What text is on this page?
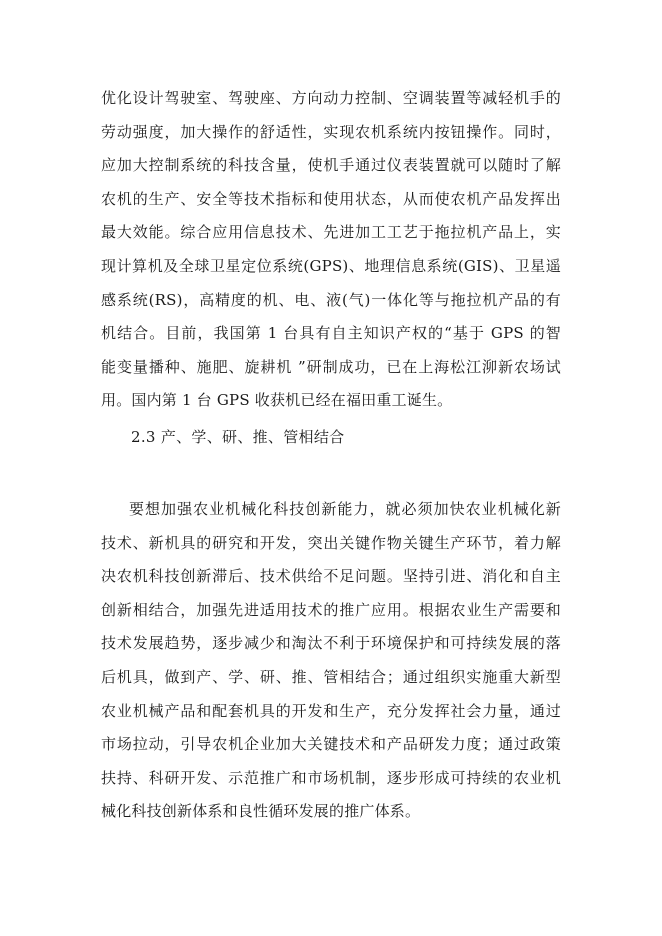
优化设计驾驶室、驾驶座、方向动力控制、空调装置等减轻机手的
劳动强度，加大操作的舒适性，实现农机系统内按钮操作。同时，
应加大控制系统的科技含量，使机手通过仪表装置就可以随时了解
农机的生产、安全等技术指标和使用状态，从而使农机产品发挥出
最大效能。综合应用信息技术、先进加工工艺于拖拉机产品上，实
现计算机及全球卫星定位系统(GPS)、地理信息系统(GIS)、卫星遥
感系统(RS)，高精度的机、电、液(气)一体化等与拖拉机产品的有
机结合。目前，我国第 1 台具有自主知识产权的“基于 GPS 的智
能变量播种、施肥、旋耕机 ”研制成功，已在上海松江泖新农场试
用。国内第 1 台 GPS 收获机已经在福田重工诞生。
2.3 产、学、研、推、管相结合
要想加强农业机械化科技创新能力，就必须加快农业机械化新
技术、新机具的研究和开发，突出关键作物关键生产环节，着力解
决农机科技创新滞后、技术供给不足问题。坚持引进、消化和自主
创新相结合，加强先进适用技术的推广应用。根据农业生产需要和
技术发展趋势，逐步减少和淘汰不利于环境保护和可持续发展的落
后机具，做到产、学、研、推、管相结合；通过组织实施重大新型
农业机械产品和配套机具的开发和生产，充分发挥社会力量，通过
市场拉动，引导农机企业加大关键技术和产品研发力度；通过政策
扶持、科研开发、示范推广和市场机制，逐步形成可持续的农业机
械化科技创新体系和良性循环发展的推广体系。
